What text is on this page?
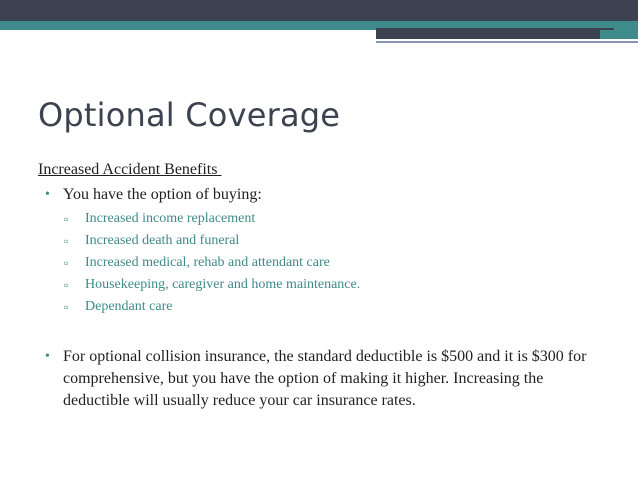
Optional Coverage
Increased Accident Benefits
• You have the option of buying:
▫ Increased income replacement
▫ Increased death and funeral
▫ Increased medical, rehab and attendant care
▫ Housekeeping, caregiver and home maintenance.
▫ Dependant care
• For optional collision insurance, the standard deductible is $500 and it is $300 for comprehensive, but you have the option of making it higher. Increasing the deductible will usually reduce your car insurance rates.
